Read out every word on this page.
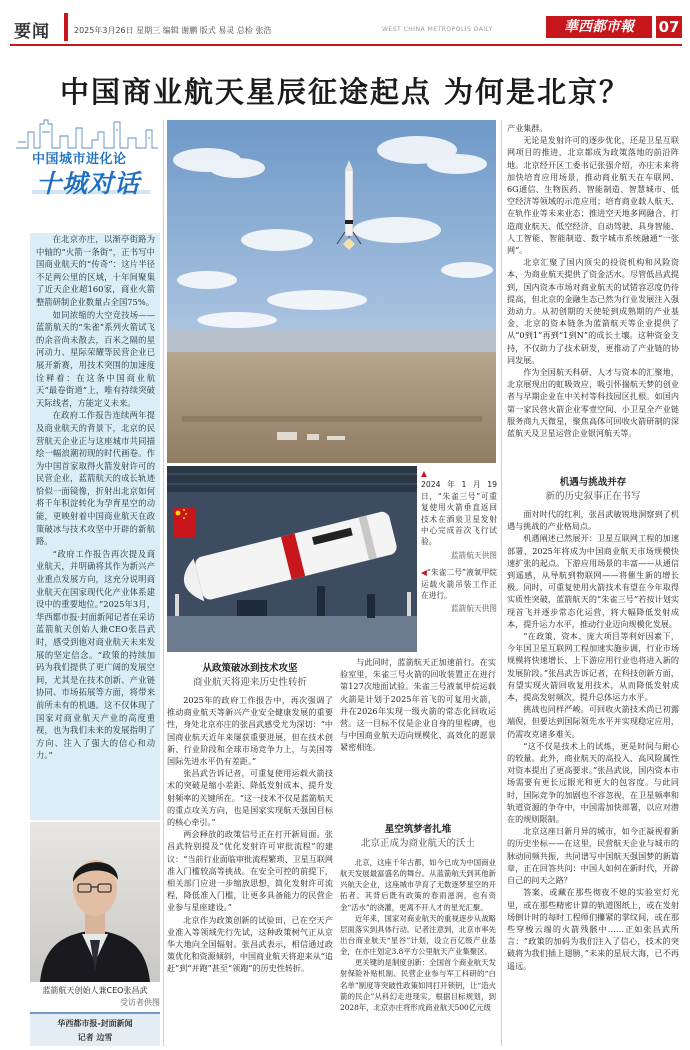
要闻	2025年3月26日 星期三 编辑 谢鹏 版式 易灵 总检 张浩	WEST CHINA METROPOLIS DAILY	華西都市報	07
中国商业航天星辰征途起点 为何是北京？
中国城市进化论
十城对话

在北京亦庄，以渐亭街路为中轴的“火箭一条街”，正书写中国商业航天的“传奇”：这片半径不足两公里的区域，十年间聚集了近天企业超160家，商业火箭整箭研制企业数量占全国75%。

如同浓缩的大空竞技场——蓝箭航天的“朱雀”系列火箭试飞的余音尚未散去，百米之隔的星河动力、星际荣耀等民营企业已展开新赛，用技术突围的加速度诠释着：在这条中国商业航天“最卷街道”上，唯有持续突破天际线者，方能定义未来。

在政府工作报告连续两年提及商业航天的背景下，北京的民营航天企业正与这座城市共同描绘一幅浪潮初现的时代画卷。作为中国首家取得火箭发射许可的民营企业，蓝箭航天的成长轨迹恰似一面镜像，折射出北京如何将千年积淀转化为孕育星空的动能，更映射着中国商业航天在政策破冰与技术攻坚中开辟的新航路。

“政府工作报告再次提及商业航天，并明确将其作为新兴产业重点发展方向，这充分说明商业航天在国家现代化产业体系建设中的重要地位。”2025年3月，华西都市报·封面新闻记者在采访蓝箭航天创始人兼CEO张昌武时，感受到他对商业航天未来发展的坚定信念。“政策的持续加码为我们提供了更广阔的发展空间，尤其是在技术创新、产业链协同、市场拓展等方面，将带来前所未有的机遇。这不仅体现了国家对商业航天产业的高度重视，也为我们未来的发展指明了方向、注入了强大的信心和动力。”

蓝箭航天创始人兼CEO张昌武
受访者供图
华西都市报-封面新闻
记者 边雪

▲
2024年1月19日，“朱雀三号”可重复使用火箭垂直返回技术在酒泉卫星发射中心完成首次飞行试验。

蓝箭航天供图

◀“朱雀二号”液氧甲烷运载火箭吊装工作正在进行。

蓝箭航天供图

从政策破冰到技术攻坚
商业航天将迎来历史性转折

2025年的政府工作报告中，再次强调了推动商业航天等新兴产业安全健康发展的重要性，身处北京亦庄的张昌武感受尤为深切：“中国商业航天近年来屡获重要进展，但在技术创新、行业阶段和全球市场竞争力上，与美国等国际先进水平仍有差距。”

张昌武告诉记者，可重复使用运载火箭技术的突破是缩小差距、降低发射成本、提升发射频率的关键所在。“这一技术不仅是蓝箭航天的重点攻关方向，也是国家实现航天强国目标的核心牵引。”

两会释放的政策信号正在打开新局面。张昌武特别提及“优化发射许可审批流程”的建议：“当前行业面临审批流程繁琐、卫星互联网准入门槛较高等挑战。在安全可控的前提下，相关部门应进一步缩放思想，简化发射许可流程，降低准入门槛，让更多具备能力的民营企业参与星座建设。”

北京作为政策创新的试验田，已在空天产业准入等领域先行先试，这种政策树气正从京华大地向全国辐射。张昌武表示，相信通过政策优化和资源倾斜，中国商业航天将迎来从“追赶”到“并跑”甚至“领跑”的历史性转折。

与此同时，蓝箭航天正加速前行。在实验室里，朱雀三号火箭的回收装置正在进行第127次地面试验。朱雀三号液氧甲烷运载火箭是计划于2025年首飞的可复用火箭，并在2026年实现一级火箭的常态化回收运营。这一目标不仅是企业自身的里程碑，也与中国商业航天迈向规模化、高效化的愿景紧密相连。

星空筑梦者扎堆
北京正成为商业航天的沃土

北京，这座千年古都，如今已成为中国商业航天发展最富盛名的舞台。从蓝箭航天到其他新兴航天企业，这座城市孕育了无数逐梦星空的开拓者。其背后既有政策的春雨滋润，也有资金“活水”的浇灌，更离不开人才的星光汇聚。

近年来，国家对商业航天的重视逐步从战略层面落实到具体行动。记者注意到，北京市率先出台商业航天“星谷”计划，设立百亿级产业基金，在亦庄划定3.8平方公里航天产业集聚区。

更关键的是制度创新：全国首个商业航天发射保险补贴机制、民营企业参与军工科研的“白名单”制度等突破性政策如同打开锁钥，让“造火箭的民企”从科幻走进现实，根据目标规划，到2028年，北京亦庄将形成商业航天500亿元级

产业集群。

无论是发射许可的逐步优化，还是卫星互联网项目的推进，北京都成为政策落地的前沿阵地。北京经开区工委书记张强介绍，亦庄未来将加快培育应用场景，推动商业航天在车联网、6G通信、生物医药、智能制造、智慧城市、低空经济等领域的示范应用；培育商业载人航天、在轨作业等未来业态；推进空天地多网融合，打造商业航天、低空经济、自动驾驶、具身智能、人工智能、智能制造、数字城市系统融通“一张网”。

北京汇聚了国内顶尖的投资机构和风险资本，为商业航天提供了资金活水。尽管低昌武提到，国内资本市场对商业航天的试错容忍度仍待提高，但北京的金融生态已然为行业发展注入强劲动力。从初创期的天使轮到成熟期的产业基金，北京的资本链条为蓝箭航天等企业提供了从“0到1”再到“1到N”的成长土壤。这种资金支持，不仅助力了技术研发，更推动了产业链的协同发展。

作为全国航天科研、人才与资本的汇聚地，北京展现出的虹吸效应，吸引怀揣航天梦的创业者与早期企业在中关村等科技园区扎根。如国内第一家民营火箭企业零壹空间、小卫星全产业链服务商九天微星，聚焦高体可回收火箭研制的深蓝航天及卫星运营企业银河航天等。

机遇与挑战并存
新的历史叙事正在书写

面对时代的红利，张昌武敏锐地洞察到了机遇与挑战的产业格局点。

机遇阐述已然展开：卫星互联网工程的加速部署，2025年将成为中国商业航天市场规模快速扩张的起点。下游应用场景的丰富——从通信到遥感，从导航到物联网——将催生新的增长极。同时，可重复使用火箭技术有望在今年取得实质性突破，蓝箭航天的“朱雀三号”若按计划实现首飞并逐步常态化运营，将大幅降低发射成本，提升运力水平，推动行业迈向规模化发展。

“在政策、资本、庞大项目等利好因素下，今年国卫星互联网工程加速实施步调，行业市场规模将快速增长、上下游应用行业也将进入新的发展阶段。”张昌武告诉记者，在科技创新方面，有望实现火箭回收复用技术，从而降低发射成本，提高发射频次，提升总体运力水平。

挑战也同样严峻。可回收火箭技术尚已初露端倪，但要达到国际领先水平并实现稳定应用，仍需攻克诸多难关。

“这不仅是技术上的试炼，更是时间与耐心的较量。此外，商业航天的高投入、高风险属性对资本提出了更高要求。”张昌武说，国内资本市场需要有更长远眼光和更大的包容度。与此同时，国际竞争的加剧也不容忽视，在卫星频率和轨道资源的争夺中，中国需加快部署，以应对潜在的规则限制。

北京这座日新月异的城市，如今正凝视着新的历史坐标——在这里，民营航天企业与城市的脉动同频共振，共同谱写中国航天强国梦的新篇章，正在回答共问：中国人如何在新时代，开辟自己的问天之路？

答案，或藏在那些彻夜不熄的实验室灯光里，或在那些精密计算的轨道图纸上，或在发射场倒计时的每时工程师们攥紧的掌纹间，或在那些穿梭云端的火箭残骸中……正如张昌武所言：“政策的加码为我们注入了信心，技术的突破将为我们插上翅膀，”未来的星辰大海，已不再遥远。
